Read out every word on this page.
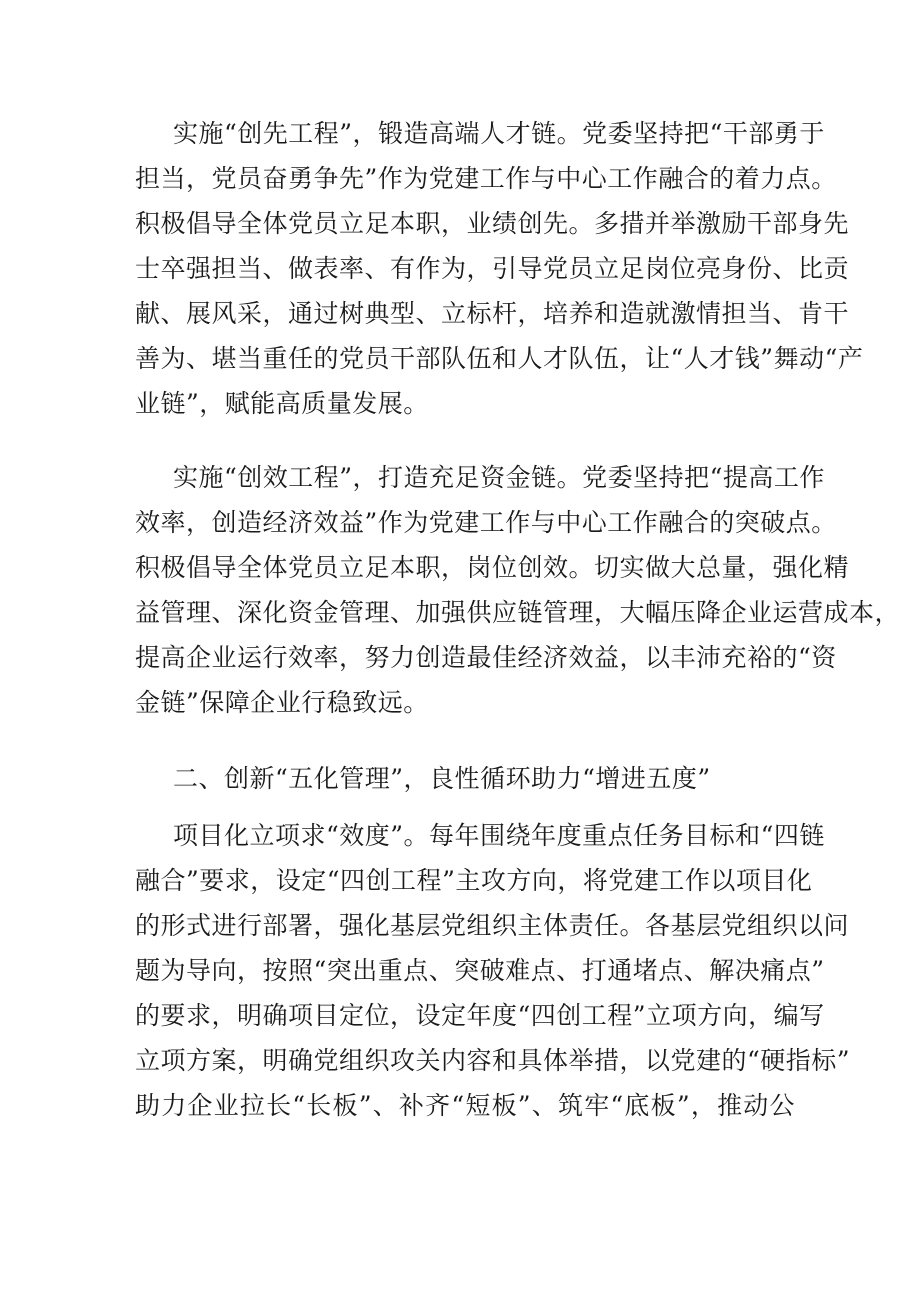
实施“创先工程”，锻造高端人才链。党委坚持把“干部勇于
担当，党员奋勇争先”作为党建工作与中心工作融合的着力点。
积极倡导全体党员立足本职，业绩创先。多措并举激励干部身先
士卒强担当、做表率、有作为，引导党员立足岗位亮身份、比贡
献、展风采，通过树典型、立标杆，培养和造就激情担当、肯干
善为、堪当重任的党员干部队伍和人才队伍，让“人才钱”舞动“产
业链”，赋能高质量发展。
实施“创效工程”，打造充足资金链。党委坚持把“提高工作
效率，创造经济效益”作为党建工作与中心工作融合的突破点。
积极倡导全体党员立足本职，岗位创效。切实做大总量，强化精
益管理、深化资金管理、加强供应链管理，大幅压降企业运营成本，
提高企业运行效率，努力创造最佳经济效益，以丰沛充裕的“资
金链”保障企业行稳致远。
二、创新“五化管理”，良性循环助力“增进五度”
项目化立项求“效度”。每年围绕年度重点任务目标和“四链
融合”要求，设定“四创工程”主攻方向，将党建工作以项目化
的形式进行部署，强化基层党组织主体责任。各基层党组织以问
题为导向，按照“突出重点、突破难点、打通堵点、解决痛点”
的要求，明确项目定位，设定年度“四创工程”立项方向，编写
立项方案，明确党组织攻关内容和具体举措，以党建的“硬指标”
助力企业拉长“长板”、补齐“短板”、筑牢“底板”，推动公
